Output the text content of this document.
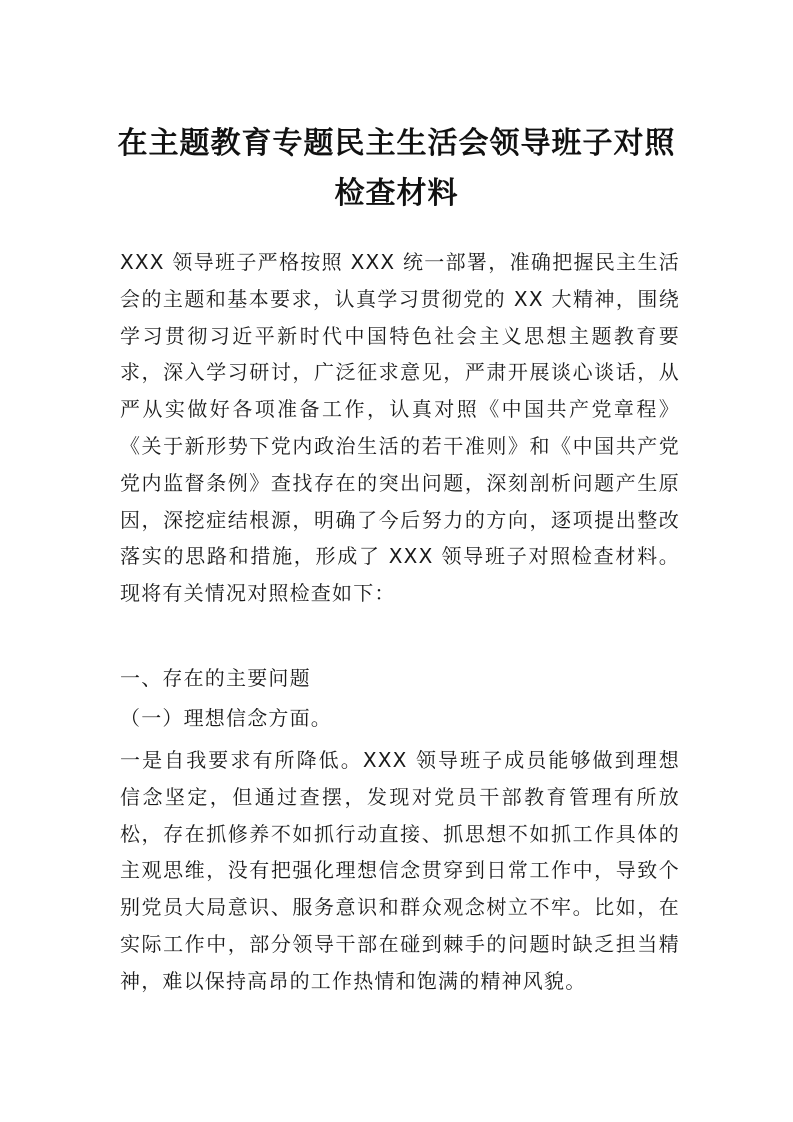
在主题教育专题民主生活会领导班子对照
检查材料

XXX 领导班子严格按照 XXX 统一部署，准确把握民主生活会的主题和基本要求，认真学习贯彻党的 XX 大精神，围绕学习贯彻习近平新时代中国特色社会主义思想主题教育要求，深入学习研讨，广泛征求意见，严肃开展谈心谈话，从严从实做好各项准备工作，认真对照《中国共产党章程》《关于新形势下党内政治生活的若干准则》和《中国共产党党内监督条例》查找存在的突出问题，深刻剖析问题产生原因，深挖症结根源，明确了今后努力的方向，逐项提出整改落实的思路和措施，形成了 XXX 领导班子对照检查材料。现将有关情况对照检查如下：

一、存在的主要问题

（一）理想信念方面。

一是自我要求有所降低。XXX 领导班子成员能够做到理想信念坚定，但通过查摆，发现对党员干部教育管理有所放松，存在抓修养不如抓行动直接、抓思想不如抓工作具体的主观思维，没有把强化理想信念贯穿到日常工作中，导致个别党员大局意识、服务意识和群众观念树立不牢。比如，在实际工作中，部分领导干部在碰到棘手的问题时缺乏担当精神，难以保持高昂的工作热情和饱满的精神风貌。
